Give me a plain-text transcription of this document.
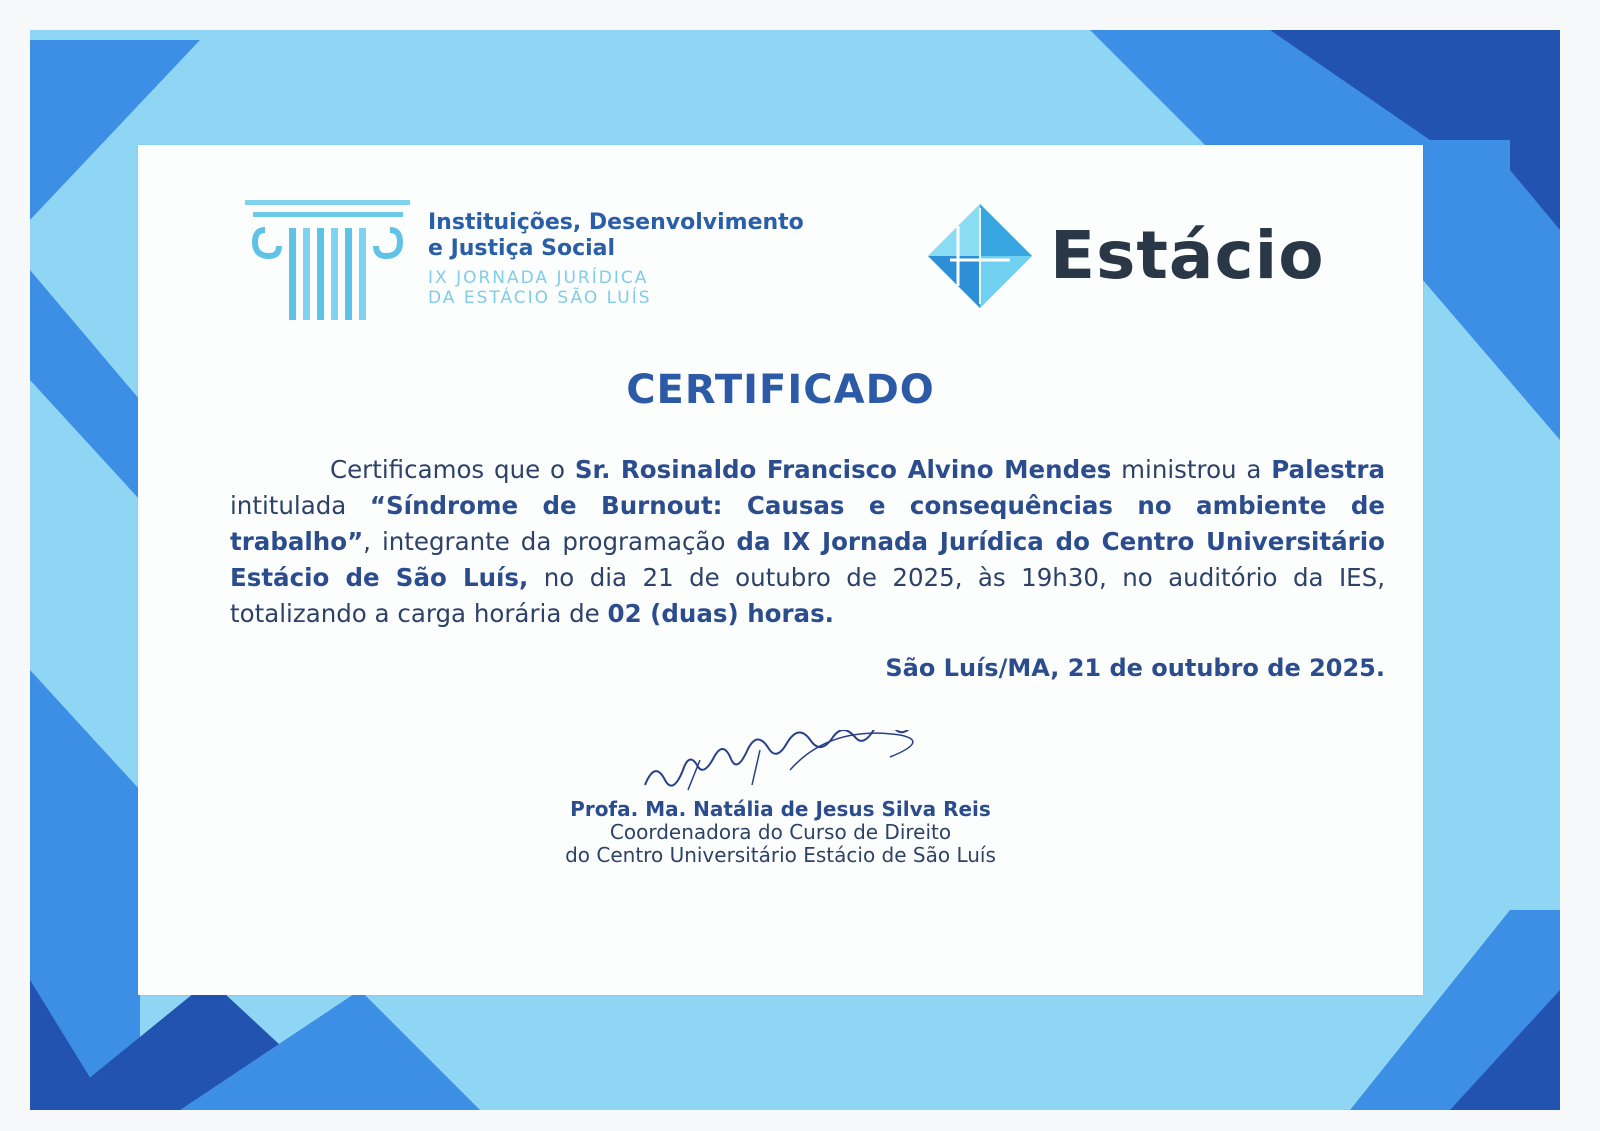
Instituições, Desenvolvimento
e Justiça Social
IX JORNADA JURÍDICA
DA ESTÁCIO SÃO LUÍS
Estácio
CERTIFICADO

Certificamos que o Sr. Rosinaldo Francisco Alvino Mendes ministrou a Palestra intitulada “Síndrome de Burnout: Causas e consequências no ambiente de trabalho”, integrante da programação da IX Jornada Jurídica do Centro Universitário Estácio de São Luís, no dia 21 de outubro de 2025, às 19h30, no auditório da IES, totalizando a carga horária de 02 (duas) horas.

São Luís/MA, 21 de outubro de 2025.
Profa. Ma. Natália de Jesus Silva Reis
Coordenadora do Curso de Direito
do Centro Universitário Estácio de São Luís
